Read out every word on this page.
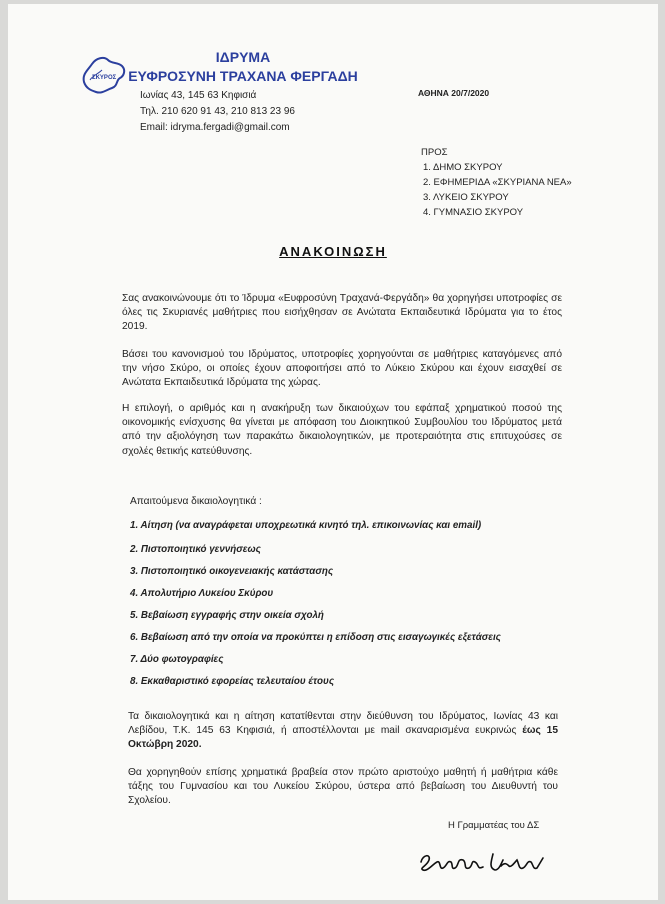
ΣΚΥΡΟΣ
ΙΔΡΥΜΑ
ΕΥΦΡΟΣΥΝΗ ΤΡΑΧΑΝΑ ΦΕΡΓΑΔΗ
Ιωνίας 43, 145 63 Κηφισιά
Τηλ. 210 620 91 43, 210 813 23 96
Email: idryma.fergadi@gmail.com
ΑΘΗΝΑ 20/7/2020
ΠΡΟΣ
1. ΔΗΜΟ ΣΚΥΡΟΥ
2. ΕΦΗΜΕΡΙΔΑ «ΣΚΥΡΙΑΝΑ ΝΕΑ»
3. ΛΥΚΕΙΟ ΣΚΥΡΟΥ
4. ΓΥΜΝΑΣΙΟ ΣΚΥΡΟΥ
ΑΝΑΚΟΙΝΩΣΗ
Σας ανακοινώνουμε ότι το Ίδρυμα «Ευφροσύνη Τραχανά-Φεργάδη» θα χορηγήσει υποτροφίες σε όλες τις Σκυριανές μαθήτριες που εισήχθησαν σε Ανώτατα Εκπαιδευτικά Ιδρύματα για το έτος 2019.
Βάσει του κανονισμού του Ιδρύματος, υποτροφίες χορηγούνται σε μαθήτριες καταγόμενες από την νήσο Σκύρο, οι οποίες έχουν αποφοιτήσει από το Λύκειο Σκύρου και έχουν εισαχθεί σε Ανώτατα Εκπαιδευτικά Ιδρύματα της χώρας.
Η επιλογή, ο αριθμός και η ανακήρυξη των δικαιούχων του εφάπαξ χρηματικού ποσού της οικονομικής ενίσχυσης θα γίνεται με απόφαση του Διοικητικού Συμβουλίου του Ιδρύματος μετά από την αξιολόγηση των παρακάτω δικαιολογητικών, με προτεραιότητα στις επιτυχούσες σε σχολές θετικής κατεύθυνσης.
Απαιτούμενα δικαιολογητικά :
1. Αίτηση (να αναγράφεται υποχρεωτικά κινητό τηλ. επικοινωνίας και email)
2. Πιστοποιητικό γεννήσεως
3. Πιστοποιητικό οικογενειακής κατάστασης
4. Απολυτήριο Λυκείου Σκύρου
5. Βεβαίωση εγγραφής στην οικεία σχολή
6. Βεβαίωση από την οποία να προκύπτει η επίδοση στις εισαγωγικές εξετάσεις
7. Δύο φωτογραφίες
8. Εκκαθαριστικό εφορείας τελευταίου έτους
Τα δικαιολογητικά και η αίτηση κατατίθενται στην διεύθυνση του Ιδρύματος, Ιωνίας 43 και Λεβίδου, Τ.Κ. 145 63 Κηφισιά, ή αποστέλλονται με mail σκαναρισμένα ευκρινώς έως 15 Οκτώβρη 2020.
Θα χορηγηθούν επίσης χρηματικά βραβεία στον πρώτο αριστούχο μαθητή ή μαθήτρια κάθε τάξης του Γυμνασίου και του Λυκείου Σκύρου, ύστερα από βεβαίωση του Διευθυντή του Σχολείου.
Η Γραμματέας του ΔΣ
